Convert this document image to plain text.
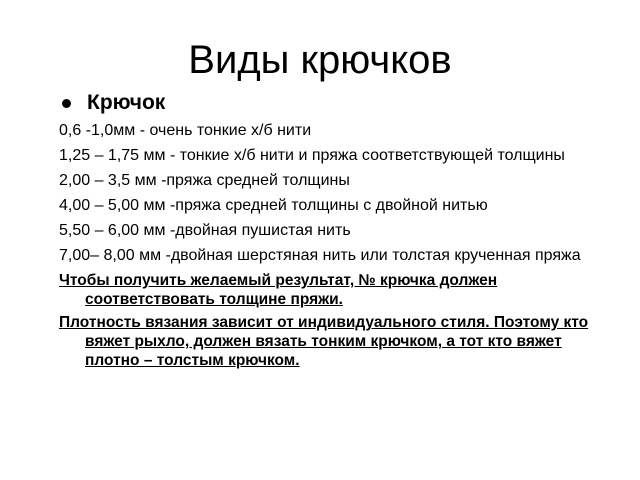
Виды крючков
Крючок

0,6 -1,0мм - очень тонкие х/б нити

1,25 – 1,75 мм - тонкие х/б нити и пряжа соответствующей толщины

2,00 – 3,5 мм -пряжа средней толщины

4,00 – 5,00 мм -пряжа средней толщины с двойной нитью

5,50 – 6,00 мм -двойная пушистая нить

7,00– 8,00 мм -двойная шерстяная нить или толстая крученная пряжа

Чтобы получить желаемый результат, № крючка должен соответствовать толщине пряжи.

Плотность вязания зависит от индивидуального стиля. Поэтому кто вяжет рыхло, должен вязать тонким крючком, а тот кто вяжет плотно – толстым крючком.
